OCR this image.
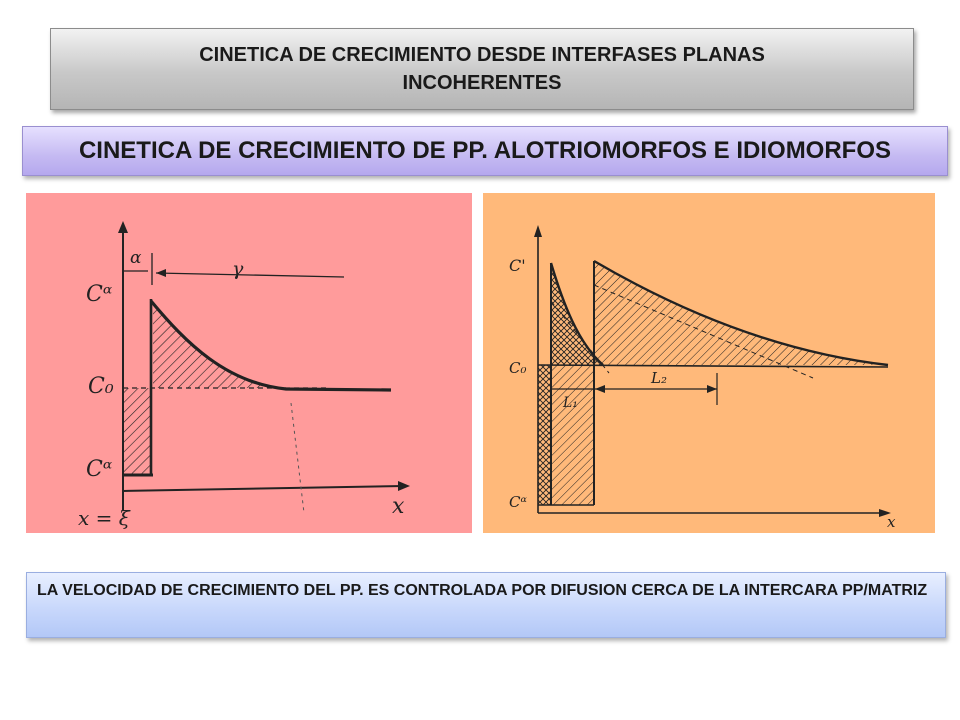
CINETICA DE CRECIMIENTO DESDE INTERFASES PLANAS INCOHERENTES
CINETICA DE CRECIMIENTO DE PP. ALOTRIOMORFOS E IDIOMORFOS
α	γ
Cᵅ
C₀
Cᵅ
x
x = ξ
C'
C₀
Cᵅ
L₁
L₂
x
LA VELOCIDAD DE CRECIMIENTO DEL PP. ES CONTROLADA POR DIFUSION CERCA DE LA INTERCARA PP/MATRIZ
